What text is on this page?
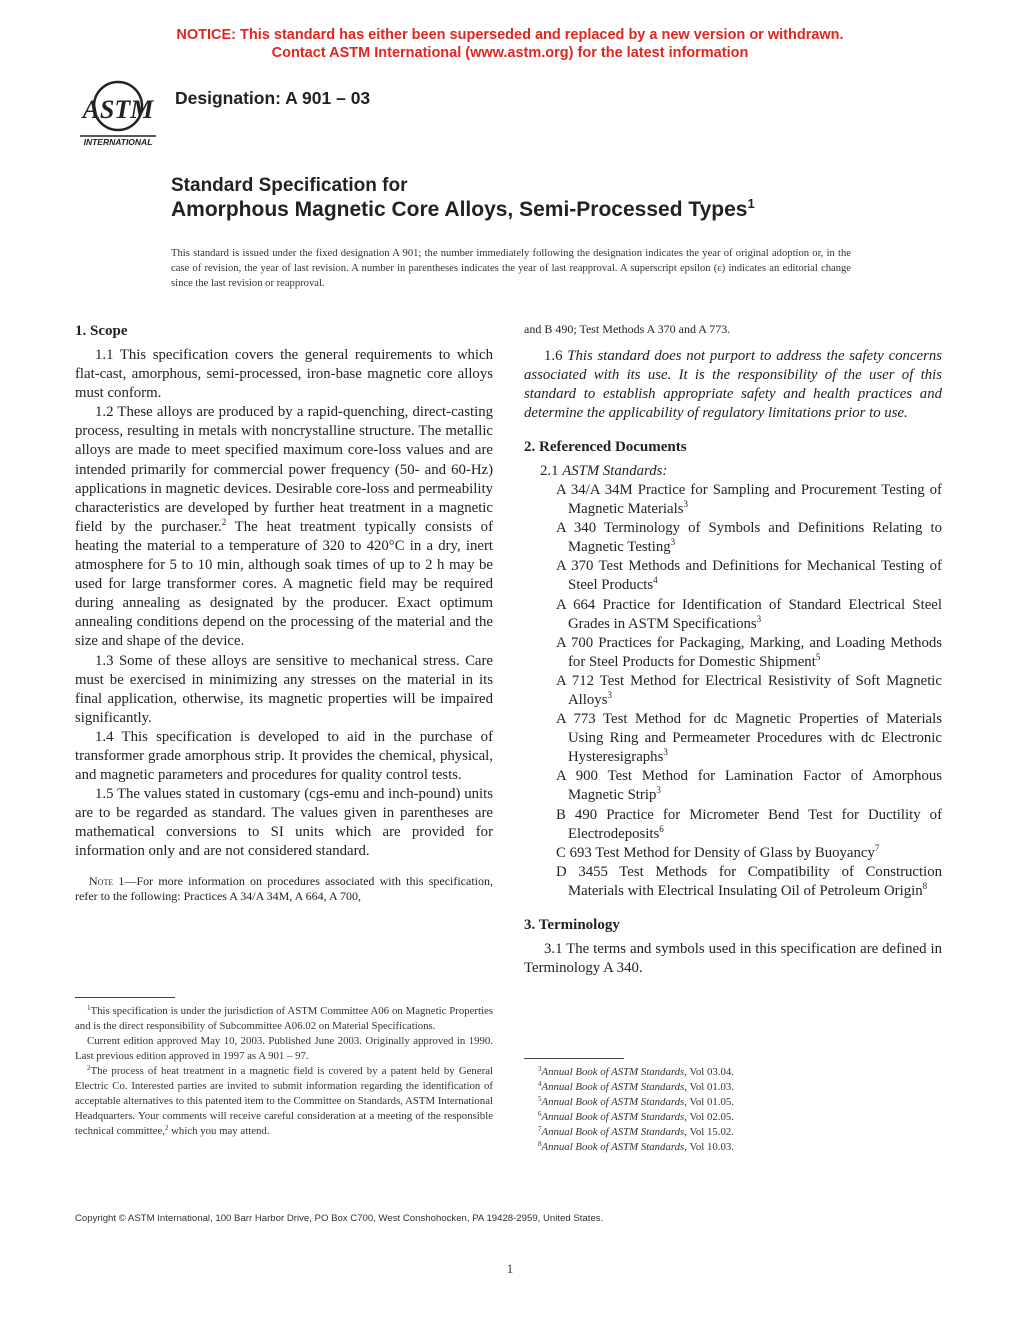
NOTICE: This standard has either been superseded and replaced by a new version or withdrawn.
Contact ASTM International (www.astm.org) for the latest information
ASTM
INTERNATIONAL
Designation: A 901 – 03
Standard Specification for
Amorphous Magnetic Core Alloys, Semi-Processed Types$^1$
This standard is issued under the fixed designation A 901; the number immediately following the designation indicates the year of original adoption or, in the case of revision, the year of last revision. A number in parentheses indicates the year of last reapproval. A superscript epsilon (ε) indicates an editorial change since the last revision or reapproval.
1. Scope

1.1 This specification covers the general requirements to which flat-cast, amorphous, semi-processed, iron-base magnetic core alloys must conform.

1.2 These alloys are produced by a rapid-quenching, direct-casting process, resulting in metals with noncrystalline structure. The metallic alloys are made to meet specified maximum core-loss values and are intended primarily for commercial power frequency (50- and 60-Hz) applications in magnetic devices. Desirable core-loss and permeability characteristics are developed by further heat treatment in a magnetic field by the purchaser.$^2$ The heat treatment typically consists of heating the material to a temperature of 320 to 420°C in a dry, inert atmosphere for 5 to 10 min, although soak times of up to 2 h may be used for large transformer cores. A magnetic field may be required during annealing as designated by the producer. Exact optimum annealing conditions depend on the processing of the material and the size and shape of the device.

1.3 Some of these alloys are sensitive to mechanical stress. Care must be exercised in minimizing any stresses on the material in its final application, otherwise, its magnetic properties will be impaired significantly.

1.4 This specification is developed to aid in the purchase of transformer grade amorphous strip. It provides the chemical, physical, and magnetic parameters and procedures for quality control tests.

1.5 The values stated in customary (cgs-emu and inch-pound) units are to be regarded as standard. The values given in parentheses are mathematical conversions to SI units which are provided for information only and are not considered standard.

Note 1—For more information on procedures associated with this specification, refer to the following: Practices A 34/A 34M, A 664, A 700,

$^1$This specification is under the jurisdiction of ASTM Committee A06 on Magnetic Properties and is the direct responsibility of Subcommittee A06.02 on Material Specifications.
Current edition approved May 10, 2003. Published June 2003. Originally approved in 1990. Last previous edition approved in 1997 as A 901 – 97.
$^2$The process of heat treatment in a magnetic field is covered by a patent held by General Electric Co. Interested parties are invited to submit information regarding the identification of acceptable alternatives to this patented item to the Committee on Standards, ASTM International Headquarters. Your comments will receive careful consideration at a meeting of the responsible technical committee,$^2$ which you may attend.

and B 490; Test Methods A 370 and A 773.

1.6 This standard does not purport to address the safety concerns associated with its use. It is the responsibility of the user of this standard to establish appropriate safety and health practices and determine the applicability of regulatory limitations prior to use.

2. Referenced Documents

2.1 ASTM Standards:

A 34/A 34M Practice for Sampling and Procurement Testing of Magnetic Materials$^3$

A 340 Terminology of Symbols and Definitions Relating to Magnetic Testing$^3$

A 370 Test Methods and Definitions for Mechanical Testing of Steel Products$^4$

A 664 Practice for Identification of Standard Electrical Steel Grades in ASTM Specifications$^3$

A 700 Practices for Packaging, Marking, and Loading Methods for Steel Products for Domestic Shipment$^5$

A 712 Test Method for Electrical Resistivity of Soft Magnetic Alloys$^3$

A 773 Test Method for dc Magnetic Properties of Materials Using Ring and Permeameter Procedures with dc Electronic Hysteresigraphs$^3$

A 900 Test Method for Lamination Factor of Amorphous Magnetic Strip$^3$

B 490 Practice for Micrometer Bend Test for Ductility of Electrodeposits$^6$

C 693 Test Method for Density of Glass by Buoyancy$^7$

D 3455 Test Methods for Compatibility of Construction Materials with Electrical Insulating Oil of Petroleum Origin$^8$

3. Terminology

3.1 The terms and symbols used in this specification are defined in Terminology A 340.

$^3$Annual Book of ASTM Standards, Vol 03.04.
$^4$Annual Book of ASTM Standards, Vol 01.03.
$^5$Annual Book of ASTM Standards, Vol 01.05.
$^6$Annual Book of ASTM Standards, Vol 02.05.
$^7$Annual Book of ASTM Standards, Vol 15.02.
$^8$Annual Book of ASTM Standards, Vol 10.03.
Copyright © ASTM International, 100 Barr Harbor Drive, PO Box C700, West Conshohocken, PA 19428-2959, United States.
1
